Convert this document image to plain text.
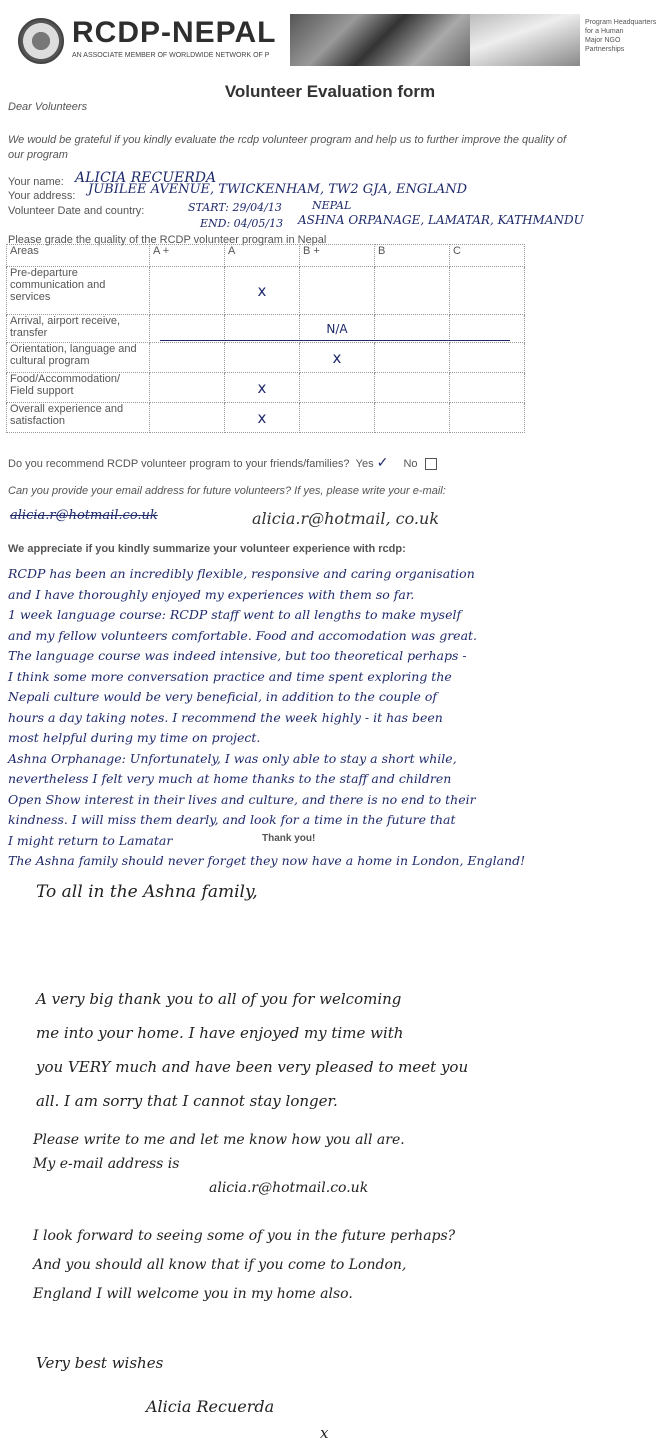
RCDP-NEPAL
AN ASSOCIATE MEMBER OF WORLDWIDE NETWORK OF P
Program Headquarters
for a Human
Major NGO
Partnerships
Volunteer Evaluation form
Dear Volunteers
We would be grateful if you kindly evaluate the rcdp volunteer program and help us to further improve the quality of our program
Your name: ALICIA RECUERDA
Your address: JUBILEE AVENUE, TWICKENHAM, TW2 GJA, ENGLAND
Volunteer Date and country:	START: 29/04/13
END: 04/05/13
NEPAL
ASHNA ORPANAGE, LAMATAR, KATHMANDU
Please grade the quality of the RCDP volunteer program in Nepal
Areas	A +	A	B +	B	C
Pre-departure communication and services		x			
Arrival, airport receive, transfer			N/A		
Orientation, language and cultural program			x		
Food/Accommodation/ Field support		x			
Overall experience and satisfaction		x			
Do you recommend RCDP volunteer program to your friends/families? Yes ✓ No
Can you provide your email address for future volunteers? If yes, please write your e-mail:
alicia.r@hotmail.co.uk	alicia.r@hotmail, co.uk
We appreciate if you kindly summarize your volunteer experience with rcdp:
RCDP has been an incredibly flexible, responsive and caring organisation
and I have thoroughly enjoyed my experiences with them so far.
1 week language course: RCDP staff went to all lengths to make myself
and my fellow volunteers comfortable. Food and accomodation was great.
The language course was indeed intensive, but too theoretical perhaps -
I think some more conversation practice and time spent exploring the
Nepali culture would be very beneficial, in addition to the couple of
hours a day taking notes. I recommend the week highly - it has been
most helpful during my time on project.
Ashna Orphanage: Unfortunately, I was only able to stay a short while,
nevertheless I felt very much at home thanks to the staff and children
Open Show interest in their lives and culture, and there is no end to their
kindness. I will miss them dearly, and look for a time in the future that
I might return to Lamatar
The Ashna family should never forget they now have a home in London, England!
Thank you!
To all in the Ashna family,
A very big thank you to all of you for welcoming
me into your home. I have enjoyed my time with
you VERY much and have been very pleased to meet you
all. I am sorry that I cannot stay longer.
Please write to me and let me know how you all are.
My e-mail address is
alicia.r@hotmail.co.uk
I look forward to seeing some of you in the future perhaps?
And you should all know that if you come to London,
England I will welcome you in my home also.
Very best wishes
Alicia Recuerda
x
